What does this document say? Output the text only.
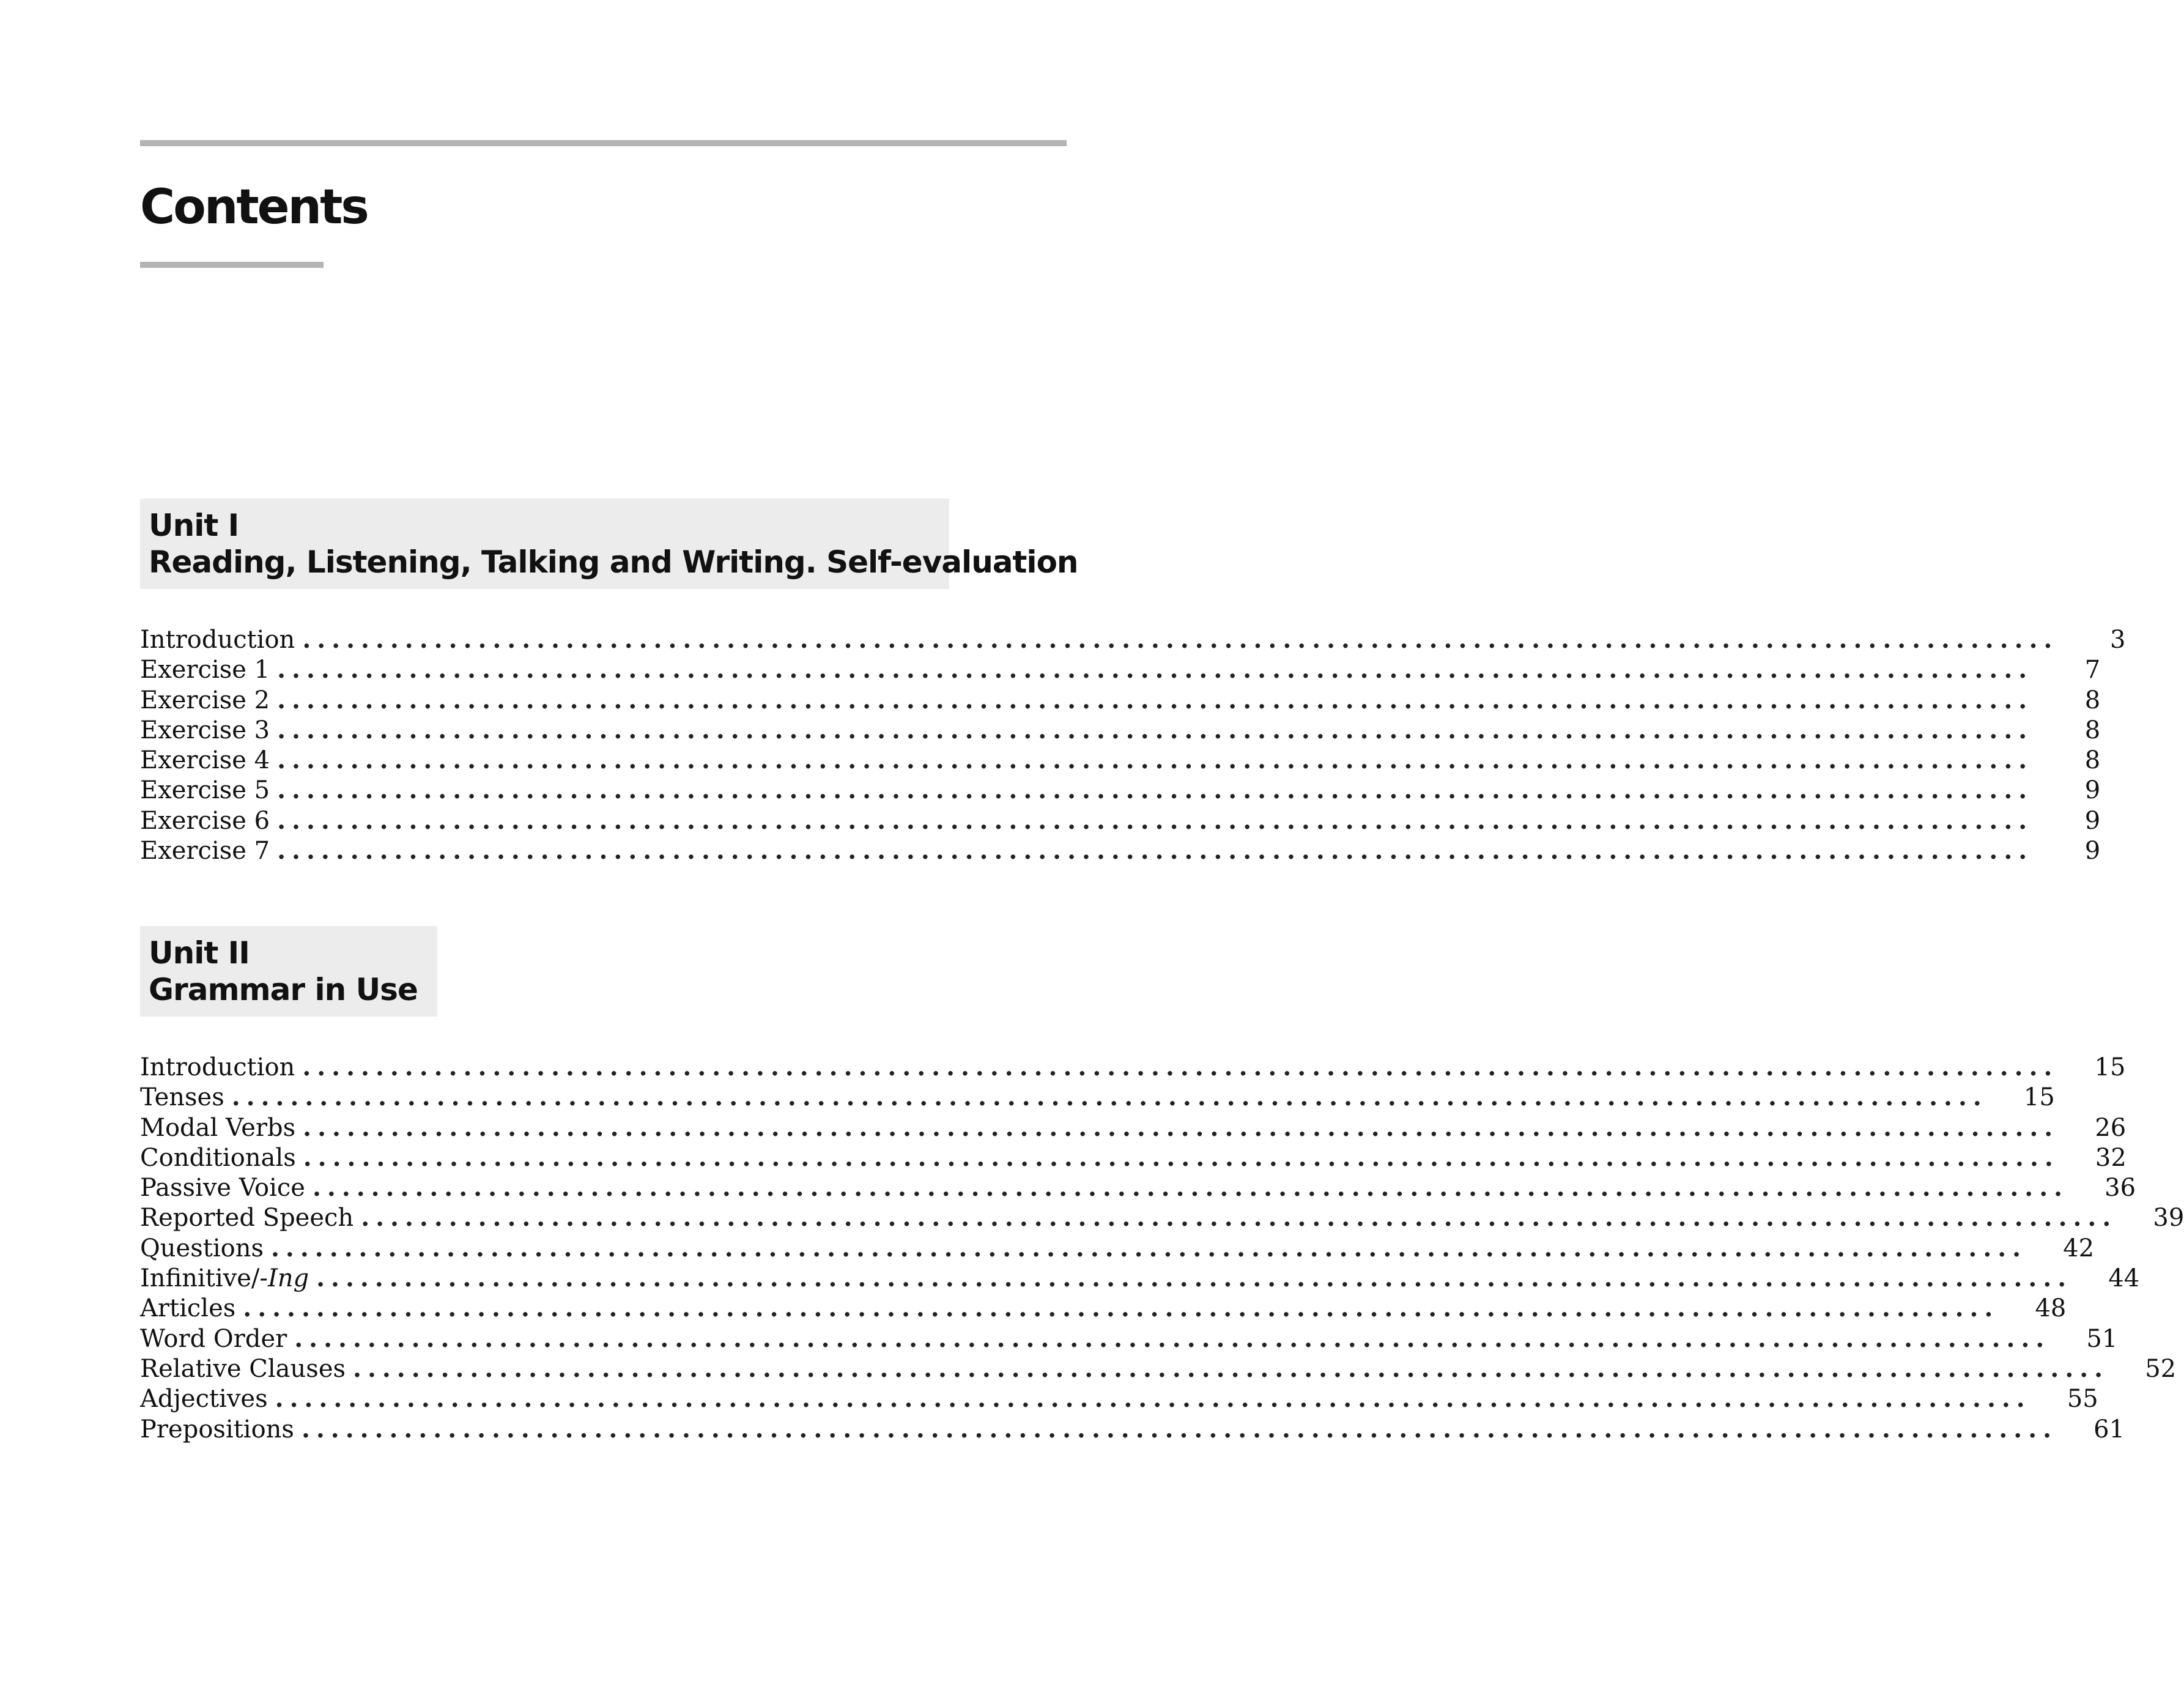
Contents
Unit I
Reading, Listening, Talking and Writing. Self-evaluation
Introduction ........................................................................................................................	3
Exercise 1 ........................................................................................................................	7
Exercise 2 ........................................................................................................................	8
Exercise 3 ........................................................................................................................	8
Exercise 4 ........................................................................................................................	8
Exercise 5 ........................................................................................................................	9
Exercise 6 ........................................................................................................................	9
Exercise 7 ........................................................................................................................	9
Unit II
Grammar in Use
Introduction ........................................................................................................................	15
Tenses ........................................................................................................................	15
Modal Verbs ........................................................................................................................	26
Conditionals ........................................................................................................................	32
Passive Voice ........................................................................................................................	36
Reported Speech ........................................................................................................................	39
Questions ........................................................................................................................	42
Infinitive/-Ing ........................................................................................................................	44
Articles ........................................................................................................................	48
Word Order ........................................................................................................................	51
Relative Clauses ........................................................................................................................	52
Adjectives ........................................................................................................................	55
Prepositions ........................................................................................................................	61
